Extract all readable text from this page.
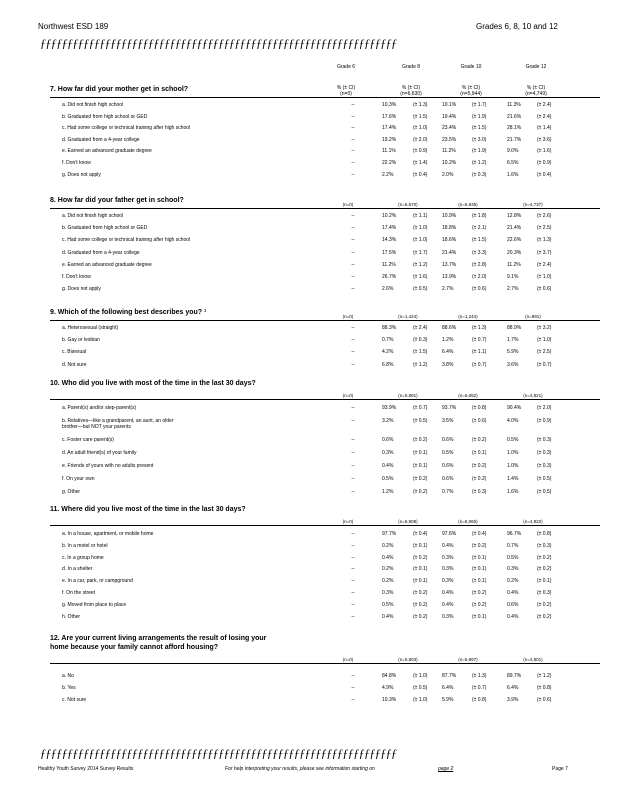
Northwest ESD 189	Grades 6, 8, 10 and 12
ƒƒƒƒƒƒƒƒƒƒƒƒƒƒƒƒƒƒƒƒƒƒƒƒƒƒƒƒƒƒƒƒƒƒƒƒƒƒƒƒƒƒƒƒƒƒƒƒƒƒƒƒƒƒƒƒƒƒƒƒƒƒƒƒƒƒ
Grade 6	Grade 8	Grade 10	Grade 12
% (± CI)	% (± CI)	% (± CI)	% (± CI)
(n=0)	(n=6,630)	(n=5,944)	(n=4,749)
7. How far did your mother get in school?
a. Did not finish high school	--	10.3%	(± 1.3)	10.1%	(± 1.7)	11.3%	(± 2.4)
b. Graduated from high school or GED	--	17.6%	(± 1.5)	19.4%	(± 1.9)	21.6%	(± 2.4)
c. Had some college or technical training after high school	--	17.4%	(± 1.0)	23.4%	(± 1.5)	28.1%	(± 1.4)
d. Graduated from a 4-year college	--	19.2%	(± 2.0)	23.5%	(± 3.0)	21.7%	(± 3.6)
e. Earned an advanced graduate degree	--	11.1%	(± 0.9)	11.2%	(± 1.9)	9.0%	(± 1.6)
f. Don't know	--	22.2%	(± 1.4)	10.2%	(± 1.2)	6.5%	(± 0.9)
g. Does not apply	--	2.2%	(± 0.4)	2.0%	(± 0.3)	1.6%	(± 0.4)
8. How far did your father get in school?
(n=0)	(n=6,670)	(n=5,936)	(n=4,737)
a. Did not finish high school	--	10.2%	(± 1.1)	10.9%	(± 1.8)	12.8%	(± 2.6)
b. Graduated from high school or GED	--	17.4%	(± 1.0)	18.8%	(± 2.1)	21.4%	(± 2.5)
c. Had some college or technical training after high school	--	14.3%	(± 1.0)	18.6%	(± 1.5)	22.6%	(± 1.3)
d. Graduated from a 4-year college	--	17.5%	(± 1.7)	21.4%	(± 3.3)	20.3%	(± 3.7)
e. Earned an advanced graduate degree	--	11.2%	(± 1.2)	13.7%	(± 2.8)	11.2%	(± 2.4)
f. Don't know	--	26.7%	(± 1.6)	13.9%	(± 2.0)	9.1%	(± 1.0)
g. Does not apply	--	2.6%	(± 0.5)	2.7%	(± 0.6)	2.7%	(± 0.6)
9. Which of the following best describes you? ¹
(n=0)	(n=1,424)	(n=1,244)	(n=991)
a. Heterosexual (straight)	--	88.3%	(± 2.4)	88.6%	(± 1.3)	88.9%	(± 3.2)
b. Gay or lesbian	--	0.7%	(± 0.3)	1.2%	(± 0.7)	1.7%	(± 1.0)
c. Bisexual	--	4.2%	(± 1.5)	6.4%	(± 1.1)	5.9%	(± 2.5)
d. Not sure	--	6.8%	(± 1.2)	3.8%	(± 0.7)	3.6%	(± 0.7)
10. Who did you live with most of the time in the last 30 days?
(n=0)	(n=6,891)	(n=6,052)	(n=4,821)
a. Parent(s) and/or step-parent(s)	--	93.9%	(± 0.7)	93.7%	(± 0.8)	90.4%	(± 2.0)
b. Relatives—like a grandparent, an aunt, an older	--	3.2%	(± 0.5)	3.5%	(± 0.6)	4.0%	(± 0.9)
brother—but NOT your parents
c. Foster care parent(s)	--	0.6%	(± 0.2)	0.6%	(± 0.2)	0.5%	(± 0.3)
d. An adult friend(s) of your family	--	0.3%	(± 0.1)	0.5%	(± 0.1)	1.0%	(± 0.3)
e. Friends of yours with no adults present	--	0.4%	(± 0.1)	0.6%	(± 0.2)	1.0%	(± 0.3)
f. On your own	--	0.5%	(± 0.2)	0.6%	(± 0.2)	1.4%	(± 0.5)
g. Other	--	1.2%	(± 0.2)	0.7%	(± 0.3)	1.6%	(± 0.5)
11. Where did you live most of the time in the last 30 days?
(n=0)	(n=6,908)	(n=6,060)	(n=4,822)
a. In a house, apartment, or mobile home	--	97.7%	(± 0.4)	97.6%	(± 0.4)	96.7%	(± 0.8)
b. In a motel or hotel	--	0.2%	(± 0.1)	0.4%	(± 0.2)	0.7%	(± 0.3)
c. In a group home	--	0.4%	(± 0.2)	0.3%	(± 0.1)	0.5%	(± 0.2)
d. In a shelter	--	0.2%	(± 0.1)	0.3%	(± 0.1)	0.3%	(± 0.2)
e. In a car, park, or campground	--	0.2%	(± 0.1)	0.3%	(± 0.1)	0.2%	(± 0.1)
f. On the street	--	0.3%	(± 0.2)	0.4%	(± 0.2)	0.4%	(± 0.3)
g. Moved from place to place	--	0.5%	(± 0.2)	0.4%	(± 0.2)	0.6%	(± 0.2)
h. Other	--	0.4%	(± 0.2)	0.3%	(± 0.1)	0.4%	(± 0.2)
12. Are your current living arrangements the result of losing your home because your family cannot afford housing?
(n=0)	(n=6,803)	(n=5,997)	(n=4,801)
a. No	--	84.8%	(± 1.0)	87.7%	(± 1.3)	89.7%	(± 1.2)
b. Yes	--	4.9%	(± 0.5)	6.4%	(± 0.7)	6.4%	(± 0.8)
c. Not sure	--	10.3%	(± 1.0)	5.9%	(± 0.8)	3.9%	(± 0.6)
ƒƒƒƒƒƒƒƒƒƒƒƒƒƒƒƒƒƒƒƒƒƒƒƒƒƒƒƒƒƒƒƒƒƒƒƒƒƒƒƒƒƒƒƒƒƒƒƒƒƒƒƒƒƒƒƒƒƒƒƒƒƒƒƒƒƒ
Healthy Youth Survey 2014 Survey Results	For help interpreting your results, please see information starting on	page 2	Page 7
